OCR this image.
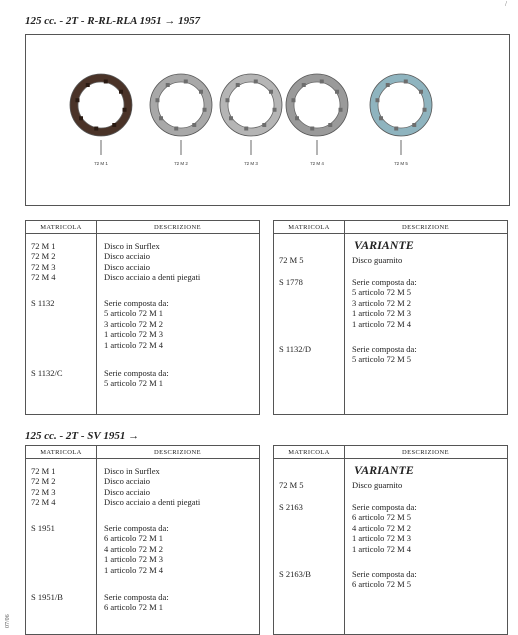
/
125 cc. - 2T - R-RL-RLA 1951 → 1957
72 M 1	72 M 2	72 M 3	72 M 4	72 M 5
MATRICOLA	DESCRIZIONE
72 M 1	Disco in Surflex
72 M 2	Disco acciaio
72 M 3	Disco acciaio
72 M 4	Disco acciaio a denti piegati
S 1132	Serie composta da:
5 articolo 72 M 1
3 articolo 72 M 2
1 articolo 72 M 3
1 articolo 72 M 4
S 1132/C	Serie composta da:
5 articolo 72 M 1
MATRICOLA	DESCRIZIONE
VARIANTE
72 M 5	Disco guarnito
S 1778	Serie composta da:
5 articolo 72 M 5
3 articolo 72 M 2
1 articolo 72 M 3
1 articolo 72 M 4
S 1132/D	Serie composta da:
5 articolo 72 M 5
125 cc. - 2T - SV 1951 →
MATRICOLA	DESCRIZIONE
72 M 1	Disco in Surflex
72 M 2	Disco acciaio
72 M 3	Disco acciaio
72 M 4	Disco acciaio a denti piegati
S 1951	Serie composta da:
6 articolo 72 M 1
4 articolo 72 M 2
1 articolo 72 M 3
1 articolo 72 M 4
S 1951/B	Serie composta da:
6 articolo 72 M 1
MATRICOLA	DESCRIZIONE
VARIANTE
72 M 5	Disco guarnito
S 2163	Serie composta da:
6 articolo 72 M 5
4 articolo 72 M 2
1 articolo 72 M 3
1 articolo 72 M 4
S 2163/B	Serie composta da:
6 articolo 72 M 5
07/06
